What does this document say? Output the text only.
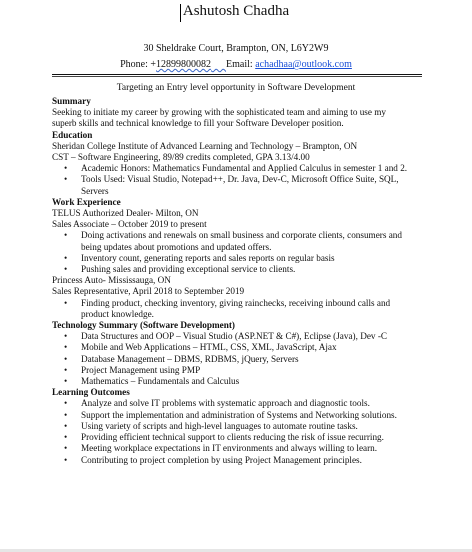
Ashutosh Chadha
30 Sheldrake Court, Brampton, ON, L6Y2W9
Phone: +12899800082 Email: achadhaa@outlook.com
Targeting an Entry level opportunity in Software Development
Summary
Seeking to initiate my career by growing with the sophisticated team and aiming to use my
superb skills and technical knowledge to fill your Software Developer position.
Education
Sheridan College Institute of Advanced Learning and Technology – Brampton, ON
CST – Software Engineering, 89/89 credits completed, GPA 3.13/4.00
• Academic Honors: Mathematics Fundamental and Applied Calculus in semester 1 and 2.
• Tools Used: Visual Studio, Notepad++, Dr. Java, Dev-C, Microsoft Office Suite, SQL,
Servers
Work Experience
TELUS Authorized Dealer- Milton, ON
Sales Associate – October 2019 to present
• Doing activations and renewals on small business and corporate clients, consumers and
being updates about promotions and updated offers.
• Inventory count, generating reports and sales reports on regular basis
• Pushing sales and providing exceptional service to clients.
Princess Auto- Mississauga, ON
Sales Representative, April 2018 to September 2019
• Finding product, checking inventory, giving rainchecks, receiving inbound calls and
product knowledge.
Technology Summary (Software Development)
• Data Structures and OOP – Visual Studio (ASP.NET & C#), Eclipse (Java), Dev -C
• Mobile and Web Applications – HTML, CSS, XML, JavaScript, Ajax
• Database Management – DBMS, RDBMS, jQuery, Servers
• Project Management using PMP
• Mathematics – Fundamentals and Calculus
Learning Outcomes
• Analyze and solve IT problems with systematic approach and diagnostic tools.
• Support the implementation and administration of Systems and Networking solutions.
• Using variety of scripts and high-level languages to automate routine tasks.
• Providing efficient technical support to clients reducing the risk of issue recurring.
• Meeting workplace expectations in IT environments and always willing to learn.
• Contributing to project completion by using Project Management principles.
